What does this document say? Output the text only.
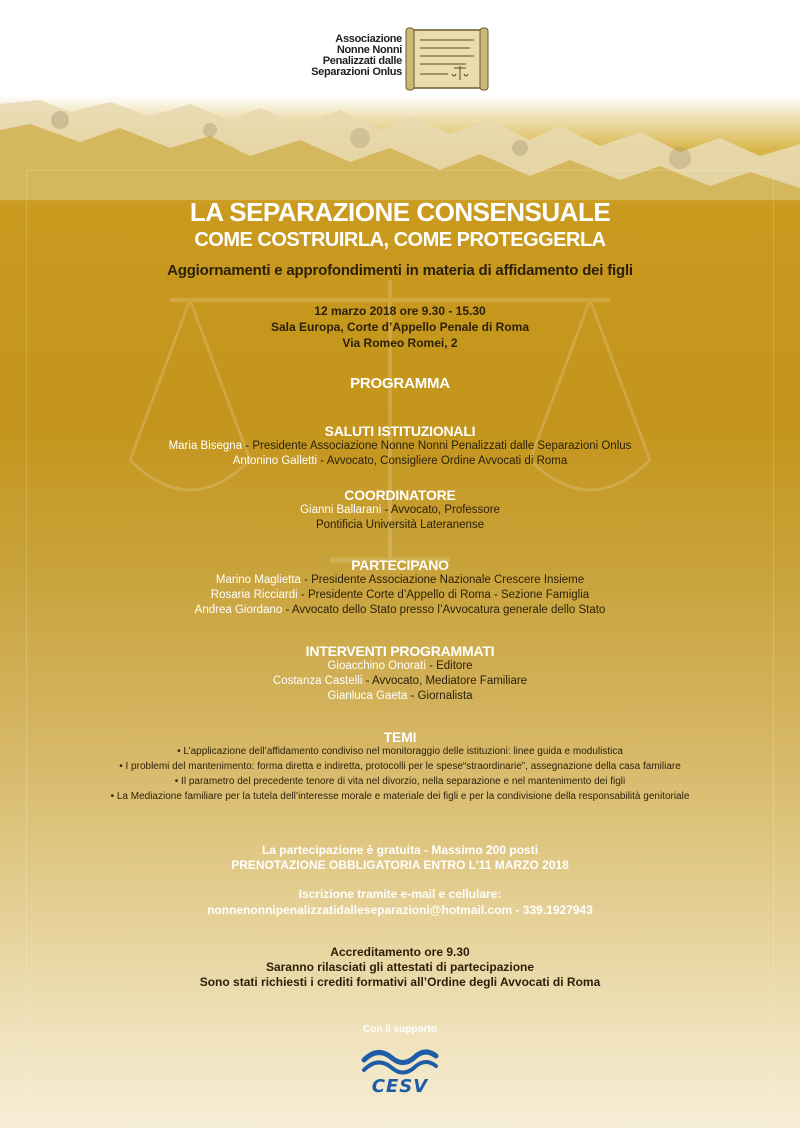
Associazione
Nonne Nonni
Penalizzati dalle
Separazioni Onlus
LA SEPARAZIONE CONSENSUALE
COME COSTRUIRLA, COME PROTEGGERLA
Aggiornamenti e approfondimenti in materia di affidamento dei figli
12 marzo 2018 ore 9.30 - 15.30
Sala Europa, Corte d’Appello Penale di Roma
Via Romeo Romei, 2
PROGRAMMA
SALUTI ISTITUZIONALI
Maria Bisegna - Presidente Associazione Nonne Nonni Penalizzati dalle Separazioni Onlus
Antonino Galletti - Avvocato, Consigliere Ordine Avvocati di Roma
COORDINATORE
Gianni Ballarani - Avvocato, Professore
Pontificia Università Lateranense
PARTECIPANO
Marino Maglietta - Presidente Associazione Nazionale Crescere Insieme
Rosaria Ricciardi - Presidente Corte d’Appello di Roma - Sezione Famiglia
Andrea Giordano - Avvocato dello Stato presso l’Avvocatura generale dello Stato
INTERVENTI PROGRAMMATI
Gioacchino Onorati - Editore
Costanza Castelli - Avvocato, Mediatore Familiare
Gianluca Gaeta - Giornalista
TEMI
• L’applicazione dell’affidamento condiviso nel monitoraggio delle istituzioni: linee guida e modulistica
• I problemi del mantenimento: forma diretta e indiretta, protocolli per le spese“straordinarie”, assegnazione della casa familiare
• Il parametro del precedente tenore di vita nel divorzio, nella separazione e nel mantenimento dei figli
• La Mediazione familiare per la tutela dell’interesse morale e materiale dei figli e per la condivisione della responsabilità genitoriale
La partecipazione è gratuita - Massimo 200 posti
PRENOTAZIONE OBBLIGATORIA ENTRO L’11 MARZO 2018
Iscrizione tramite e-mail e cellulare:
nonnenonnipenalizzatidalleseparazioni@hotmail.com - 339.1927943
Accreditamento ore 9.30
Saranno rilasciati gli attestati di partecipazione
Sono stati richiesti i crediti formativi all’Ordine degli Avvocati di Roma
Con il supporto
CESV
